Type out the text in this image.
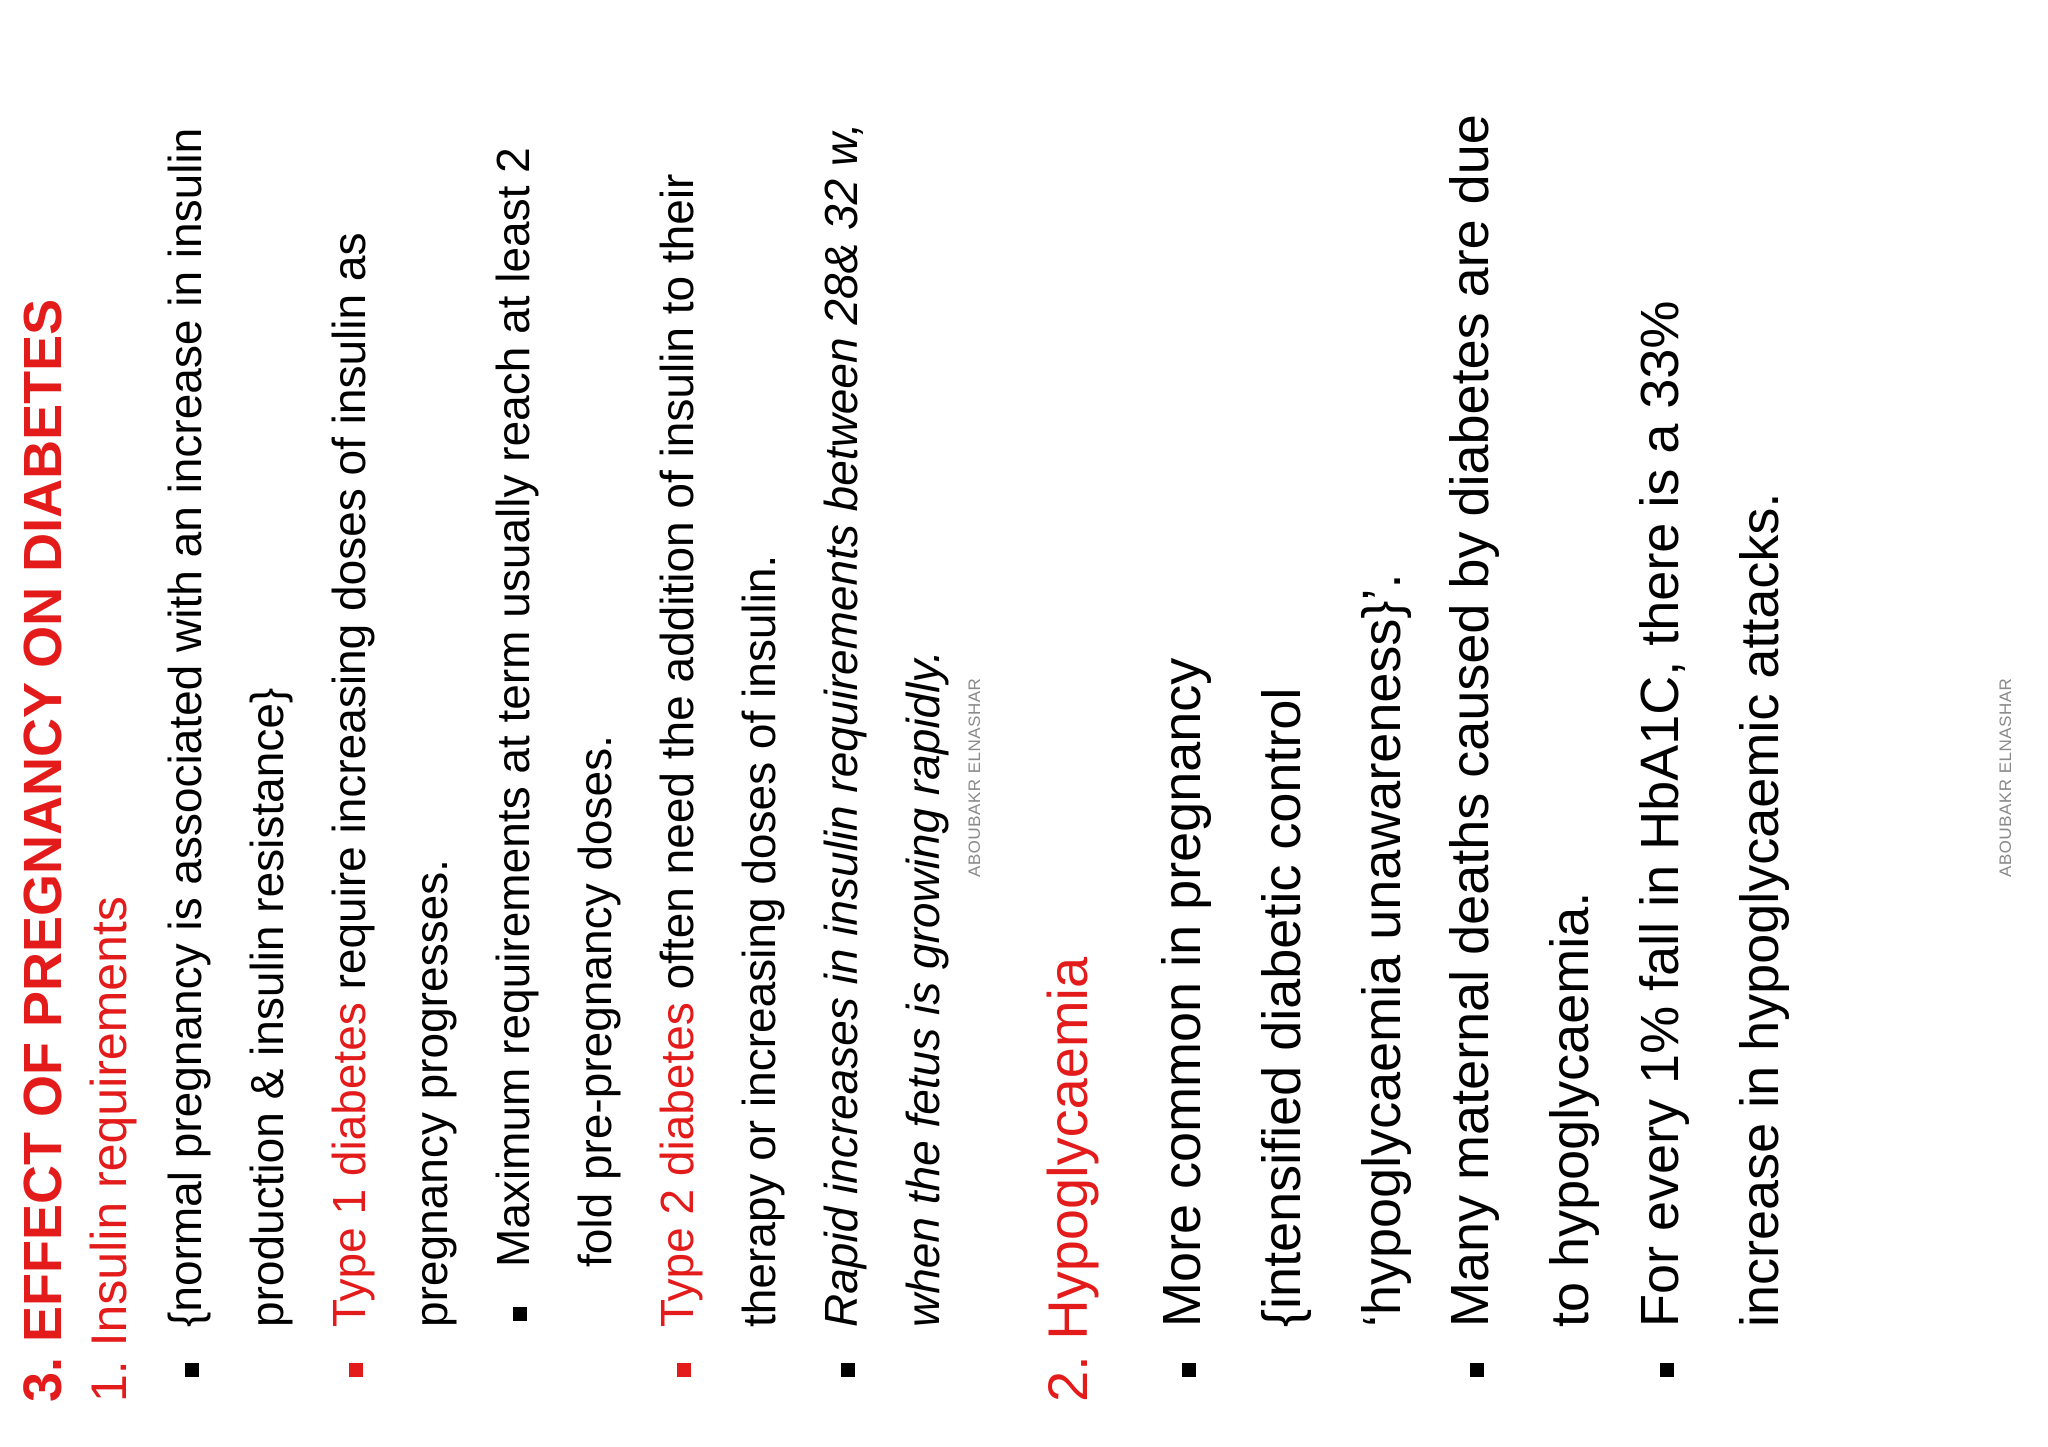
3. EFFECT OF PREGNANCY ON DIABETES 1. Insulin requirements {normal pregnancy is associated with an increase in insulin production & insulin resistance} Type 1 diabetes require increasing doses of insulin as
pregnancy progresses. Maximum requirements at term usually reach at least 2 fold pre-pregnancy doses. Type 2 diabetes often need the addition of insulin to their therapy or increasing doses of insulin. Rapid increases in insulin requirements between 28& 32 w, when the fetus is growing rapidly. ABOUBAKR ELNASHAR
2. Hypoglycaemia More common in pregnancy {intensified diabetic control ‘hypoglycaemia unawareness}’. Many maternal deaths caused by diabetes are due to hypoglycaemia. For every 1% fall in HbA1C, there is a 33% increase in hypoglycaemic attacks.	ABOUBAKR ELNASHAR
